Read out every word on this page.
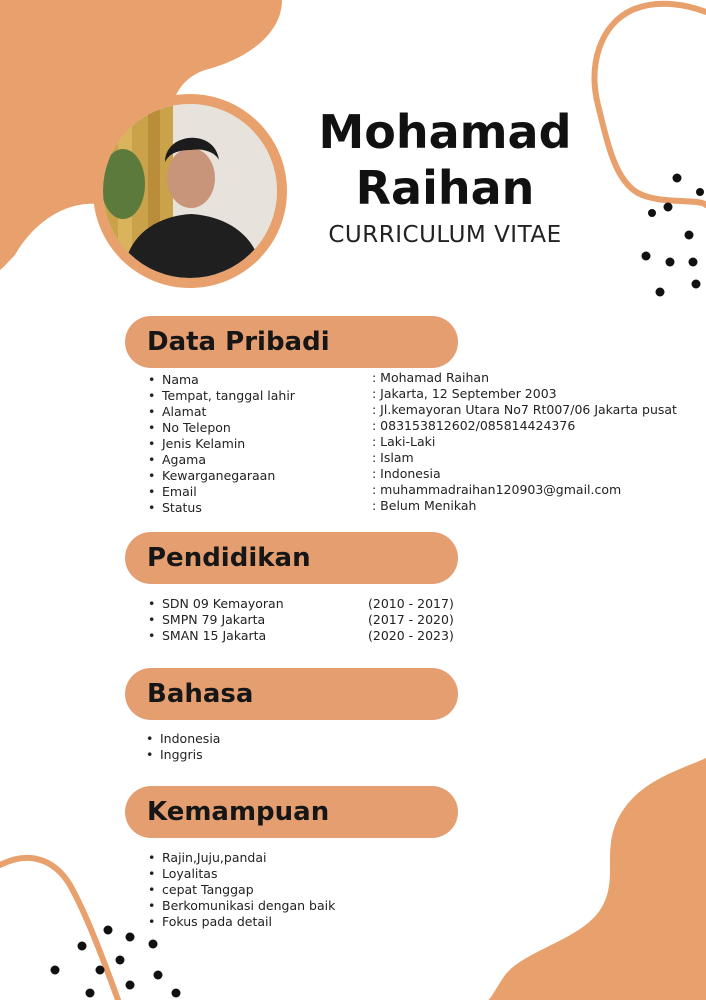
Mohamad
Raihan
CURRICULUM VITAE
Data Pribadi
• Nama
• Tempat, tanggal lahir
• Alamat
• No Telepon
• Jenis Kelamin
• Agama
• Kewarganegaraan
• Email
• Status
: Mohamad Raihan
: Jakarta, 12 September 2003
: Jl.kemayoran Utara No7 Rt007/06 Jakarta pusat
: 083153812602/085814424376
: Laki-Laki
: Islam
: Indonesia
: muhammadraihan120903@gmail.com
: Belum Menikah
Pendidikan
• SDN 09 Kemayoran
• SMPN 79 Jakarta
• SMAN 15 Jakarta
(2010 - 2017)
(2017 - 2020)
(2020 - 2023)
Bahasa
• Indonesia
• Inggris
Kemampuan
• Rajin,Juju,pandai
• Loyalitas
• cepat Tanggap
• Berkomunikasi dengan baik
• Fokus pada detail
